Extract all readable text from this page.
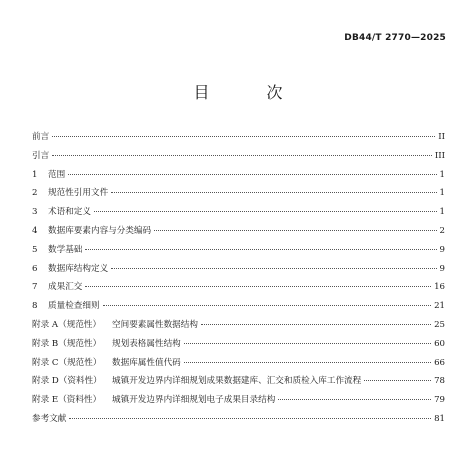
DB44/T 2770—2025
目 次
前言	II
引言	III
1	范围	1
2	规范性引用文件	1
3	术语和定义	1
4	数据库要素内容与分类编码	2
5	数学基础	9
6	数据库结构定义	9
7	成果汇交	16
8	质量检查细则	21
附录 A（规范性）	空间要素属性数据结构	25
附录 B（规范性）	规划表格属性结构	60
附录 C（规范性）	数据库属性值代码	66
附录 D（资料性）	城镇开发边界内详细规划成果数据建库、汇交和质检入库工作流程	78
附录 E（资料性）	城镇开发边界内详细规划电子成果目录结构	79
参考文献	81
